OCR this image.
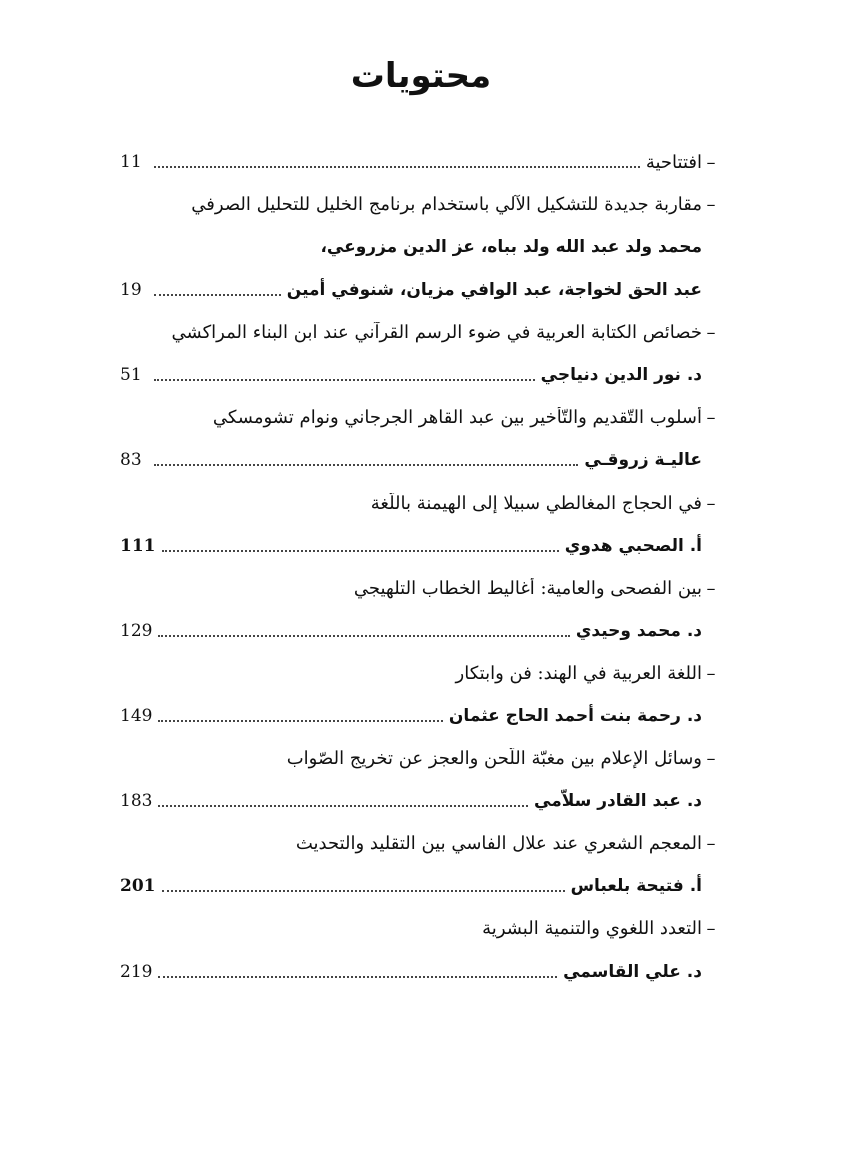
محتويات
–
افتتاحية
11
–
مقاربة جديدة للتشكيل الآلي باستخدام برنامج الخليل للتحليل الصرفي
محمد ولد عبد الله ولد بباه، عز الدين مزروعي،
عبد الحق لخواجة، عبد الوافي مزيان، شنوفي أمين
19
–
خصائص الكتابة العربية في ضوء الرسم القرآني عند ابن البناء المراكشي
د. نور الدين دنياجي
51
–
أسلوب التّقديم والتّأخير بين عبد القاهر الجرجاني ونوام تشومسكي
عاليـة زروقـي
83
–
في الحجاج المغالطي سبيلا إلى الهيمنة باللّغة
أ. الصحبي هدوي
111
–
بين الفصحى والعامية: أغاليط الخطاب التلهيجي
د. محمد وحيدي
129
–
اللغة العربية في الهند: فن وابتكار
د. رحمة بنت أحمد الحاج عثمان
149
–
وسائل الإعلام بين مغبّة اللّحن والعجز عن تخريج الصّواب
د. عبد القادر سلاّمي
183
–
المعجم الشعري عند علال الفاسي بين التقليد والتحديث
أ. فتيحة بلعباس
201
–
التعدد اللغوي والتنمية البشرية
د. علي القاسمي
219
